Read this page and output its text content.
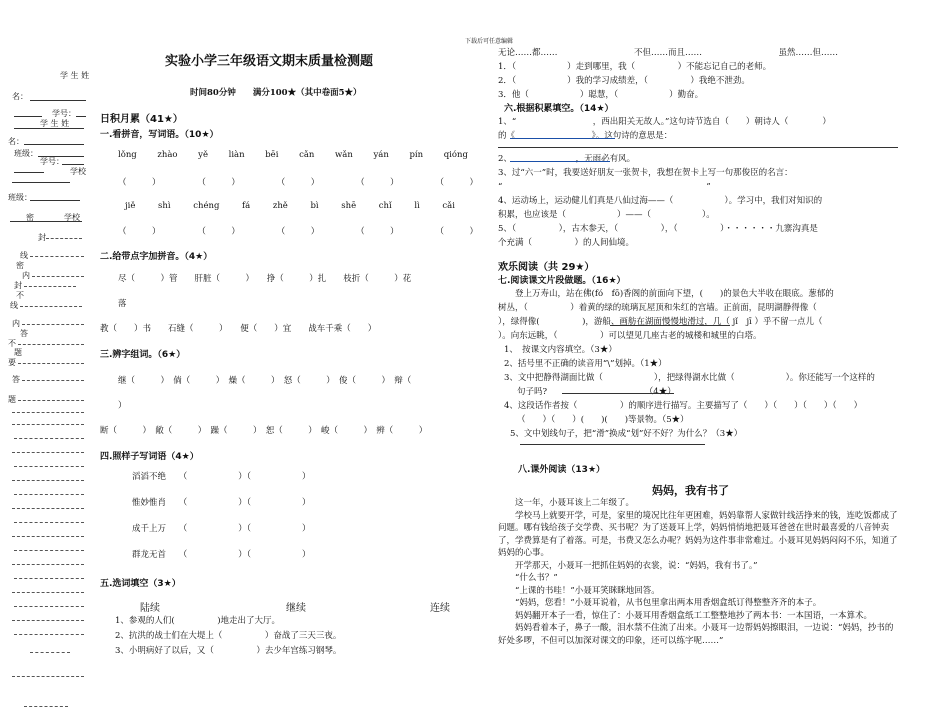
下载后可任意编辑
学 生 姓
名：
学号：
学 生 姓
名：
班级：
学号：
学校
班级：
密	学校
封
线
密
内
封
不
线
内
答
不
题
要
答
题
实验小学三年级语文期末质量检测题
时间80分钟　　满分100★（其中卷面5★）
日积月累（41★）
一.看拼音，写词语。（10★）
lǒng zhào yě liàn bēi cǎn wǎn yán pín qióng
（　　　）	（　　　）	（　　　）	（　　　）	（　　　）
jiě	shì	chéng	fá	zhě	bì	shē	chǐ	lì	cǎi
（　　　）	（　　　）	（　　　）	（　　　）	（　　　）
二.给带点字加拼音。（4★）
尽（　　　）管　　肝脏（　　　）　　挣（　　　）扎　　枝折（　　　）花
落
教（　　）书　　石缝（　　　）　　便（　　）宜　　战车千乘（　　）
三.辨字组词。（6★）
继（　　　）　倘（　　　）　燥（　　　）　怒（　　　）　俊（　　　）　辩（　　
）
断（　　　）　敞（　　　）　躁（　　　）　恕（　　　）　峻（　　　）　辨（　　　）
四.照样子写词语（4★）
滔滔不绝　　（　　　　　　）（　　　　　　）
惟妙惟肖　　（　　　　　　）（　　　　　　）
成千上万　　（　　　　　　）（　　　　　　）
群龙无首　　（　　　　　　）（　　　　　　）
五.选词填空（3★）
陆续	继续	连续
1、参观的人们(　　　　　)地走出了大厅。
2、抗洪的战士们在大堤上（　　　　　）奋战了三天三夜。
3、小明病好了以后，又（　　　　　）去少年宫练习钢琴。
无论……都……　　　　　　　　　不但……而且……　　　　　　　　　虽然……但……
1．（　　　　　　）走到哪里，我（　　　　　）不能忘记自己的老师。
2．（　　　　　　）我的学习成绩差，（　　　　　）我绝不泄劲。
3．他（　　　　　　）聪慧，（　　　　　　）勤奋。
六.根据积累填空。（14★）
1、“　　　　　　　　　，西出阳关无故人。”这句诗节选自（　　）朝诗人（　　　　）
的《　　　　　　　　　》。这句诗的意思是：
2、　　　　　　　　，无雨必有风。
3、过“六一”时，我要送好朋友一张贺卡，我想在贺卡上写一句那俊臣的名言：
“　　　　　　　　　　　　　　　　　　　　　　　　”
4、运动场上，运动健儿们真是八仙过海——（　　　　　　）。学习中，我们对知识的
积累，也应该是（　　　　　　）——（　　　　　　）。
5、（　　　　　），古木参天，（　　　　　），（　　　　　）・・・・・・九寨沟真是
个充满（　　　　　）的人间仙境。
欢乐阅读（共 29★）
七.阅读课文片段做题。（16★）
　　登上万寿山，站在佛(fó　fō)香阁的前面向下望，(　　)的景色大半收在眼底。葱郁的
树丛，（　　　　　）着黄的绿的琉璃瓦屋顶和朱红的宫墙。正前面，昆明湖静得像（
），绿得像(　　　　　)，游船、画舫在湖面慢慢地滑过，几（ jǐ　jī ）乎不留一点儿（
）。向东远眺，（　　　　　）可以望见几座古老的城楼和城里的白塔。
1、　按课文内容填空。（3★）
2、括号里不正确的读音用“\”划掉。（1★）
3、文中把静得湖面比做（　　　　　　），把绿得湖水比做（　　　　　　）。你还能写一个这样的
句子吗?　　　　　　　　　　　　（4★）
4、这段话作者按（　　　　　）的顺序进行描写。主要描写了（　　）（　　）（　　）（　　）
（　　）（　　）(　　)(　　)等景物。（5★）
5、文中划线句子，把“滑”换成“划”好不好？为什么？（3★）
八.课外阅读（13★）
妈妈，我有书了
　　这一年，小聂耳该上二年级了。
　　学校马上就要开学，可是，家里的境况比往年更困难，妈妈靠帮人家做针线活挣来的钱，连吃饭都成了问题。哪有钱给孩子交学费、买书呢？为了送聂耳上学，妈妈悄悄地把聂耳爸爸在世时最喜爱的八音钟卖了，学费算是有了着落。可是，书费又怎么办呢？妈妈为这件事非常难过。小聂耳见妈妈闷闷不乐，知道了妈妈的心事。
　　开学那天，小聂耳一把抓住妈妈的衣裳，说：“妈妈，我有书了。”
　　“什么书？”
　　“上课的书哇！”小聂耳笑眯眯地回答。
　　“妈妈，您看！”小聂耳说着，从书包里拿出两本用香烟盒纸订得整整齐齐的本子。
　　妈妈翻开本子一看，惊住了：小聂耳用香烟盒纸工工整整地抄了两本书：一本国语，一本算术。
　　妈妈看着本子，鼻子一酸，泪水禁不住流了出来。小聂耳一边帮妈妈擦眼泪，一边说：“妈妈，抄书的好处多啰，不但可以加深对课文的印象，还可以练字呢……”
